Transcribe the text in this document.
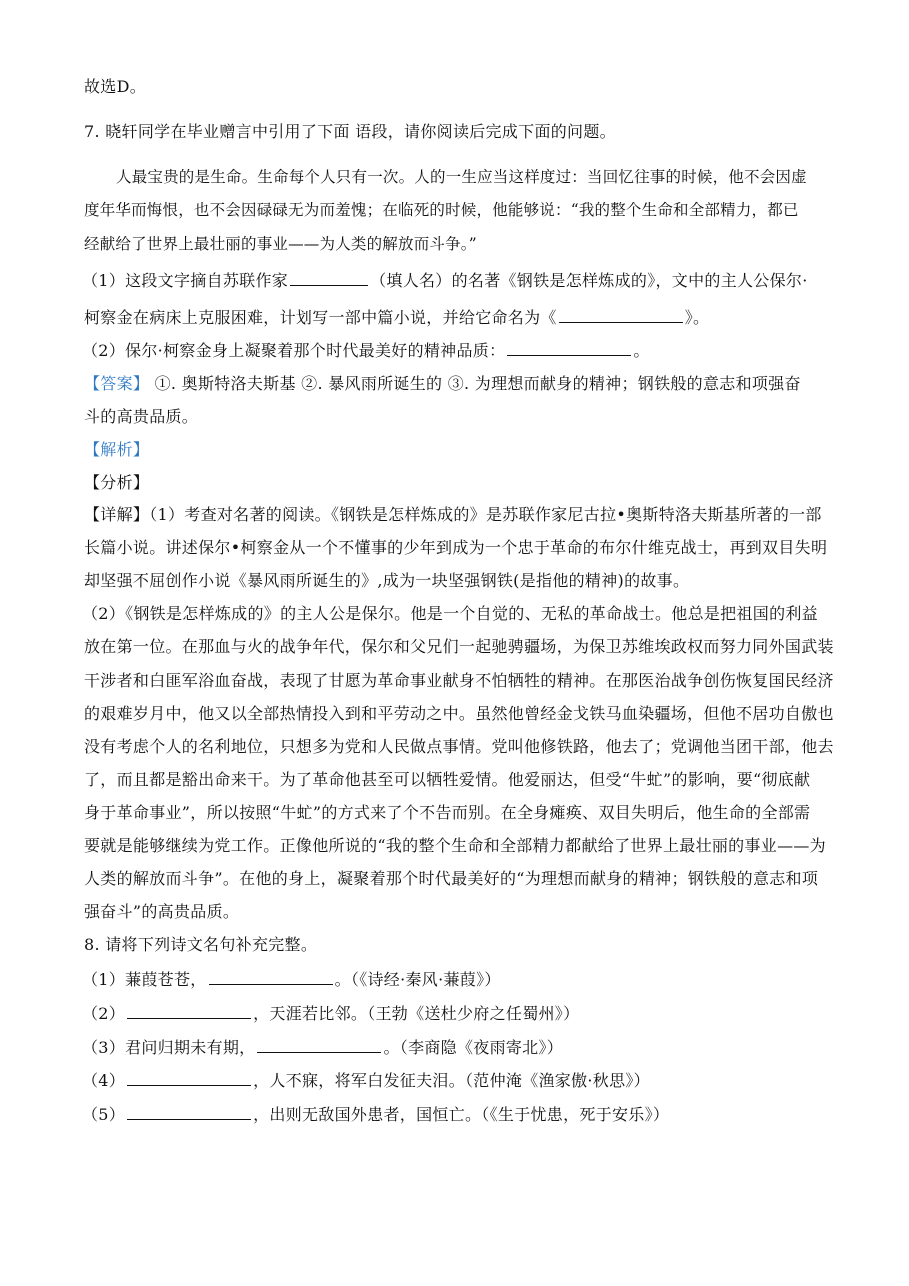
故选D。
7. 晓轩同学在毕业赠言中引用了下面 语段，请你阅读后完成下面的问题。
人最宝贵的是生命。生命每个人只有一次。人的一生应当这样度过：当回忆往事的时候，他不会因虚
度年华而悔恨，也不会因碌碌无为而羞愧；在临死的时候，他能够说：“我的整个生命和全部精力，都已
经献给了世界上最壮丽的事业——为人类的解放而斗争。”
（1）这段文字摘自苏联作家	（填人名）的名著《钢铁是怎样炼成的》，文中的主人公保尔·
柯察金在病床上克服困难，计划写一部中篇小说，并给它命名为《	》。
（2）保尔·柯察金身上凝聚着那个时代最美好的精神品质：	。
【答案】 ①. 奥斯特洛夫斯基 ②. 暴风雨所诞生的 ③. 为理想而献身的精神；钢铁般的意志和项强奋
斗的高贵品质。
【解析】
【分析】
【详解】（1）考查对名著的阅读。《钢铁是怎样炼成的》是苏联作家尼古拉•奥斯特洛夫斯基所著的一部
长篇小说。讲述保尔•柯察金从一个不懂事的少年到成为一个忠于革命的布尔什维克战士，再到双目失明
却坚强不屈创作小说《暴风雨所诞生的》,成为一块坚强钢铁(是指他的精神)的故事。
（2）《钢铁是怎样炼成的》的主人公是保尔。他是一个自觉的、无私的革命战士。他总是把祖国的利益
放在第一位。在那血与火的战争年代，保尔和父兄们一起驰骋疆场，为保卫苏维埃政权而努力同外国武装
干涉者和白匪军浴血奋战，表现了甘愿为革命事业献身不怕牺牲的精神。在那医治战争创伤恢复国民经济
的艰难岁月中，他又以全部热情投入到和平劳动之中。虽然他曾经金戈铁马血染疆场，但他不居功自傲也
没有考虑个人的名利地位，只想多为党和人民做点事情。党叫他修铁路，他去了；党调他当团干部，他去
了，而且都是豁出命来干。为了革命他甚至可以牺牲爱情。他爱丽达，但受“牛虻”的影响，要“彻底献
身于革命事业”，所以按照“牛虻”的方式来了个不告而别。在全身瘫痪、双目失明后，他生命的全部需
要就是能够继续为党工作。正像他所说的“我的整个生命和全部精力都献给了世界上最壮丽的事业——为
人类的解放而斗争”。在他的身上，凝聚着那个时代最美好的“为理想而献身的精神；钢铁般的意志和项
强奋斗”的高贵品质。
8. 请将下列诗文名句补充完整。
（1）蒹葭苍苍，	。（《诗经·秦风·蒹葭》）
（2）	，天涯若比邻。（王勃《送杜少府之任蜀州》）
（3）君问归期未有期，	。（李商隐《夜雨寄北》）
（4）	，人不寐，将军白发征夫泪。（范仲淹《渔家傲·秋思》）
（5）	，出则无敌国外患者，国恒亡。（《生于忧患，死于安乐》）
